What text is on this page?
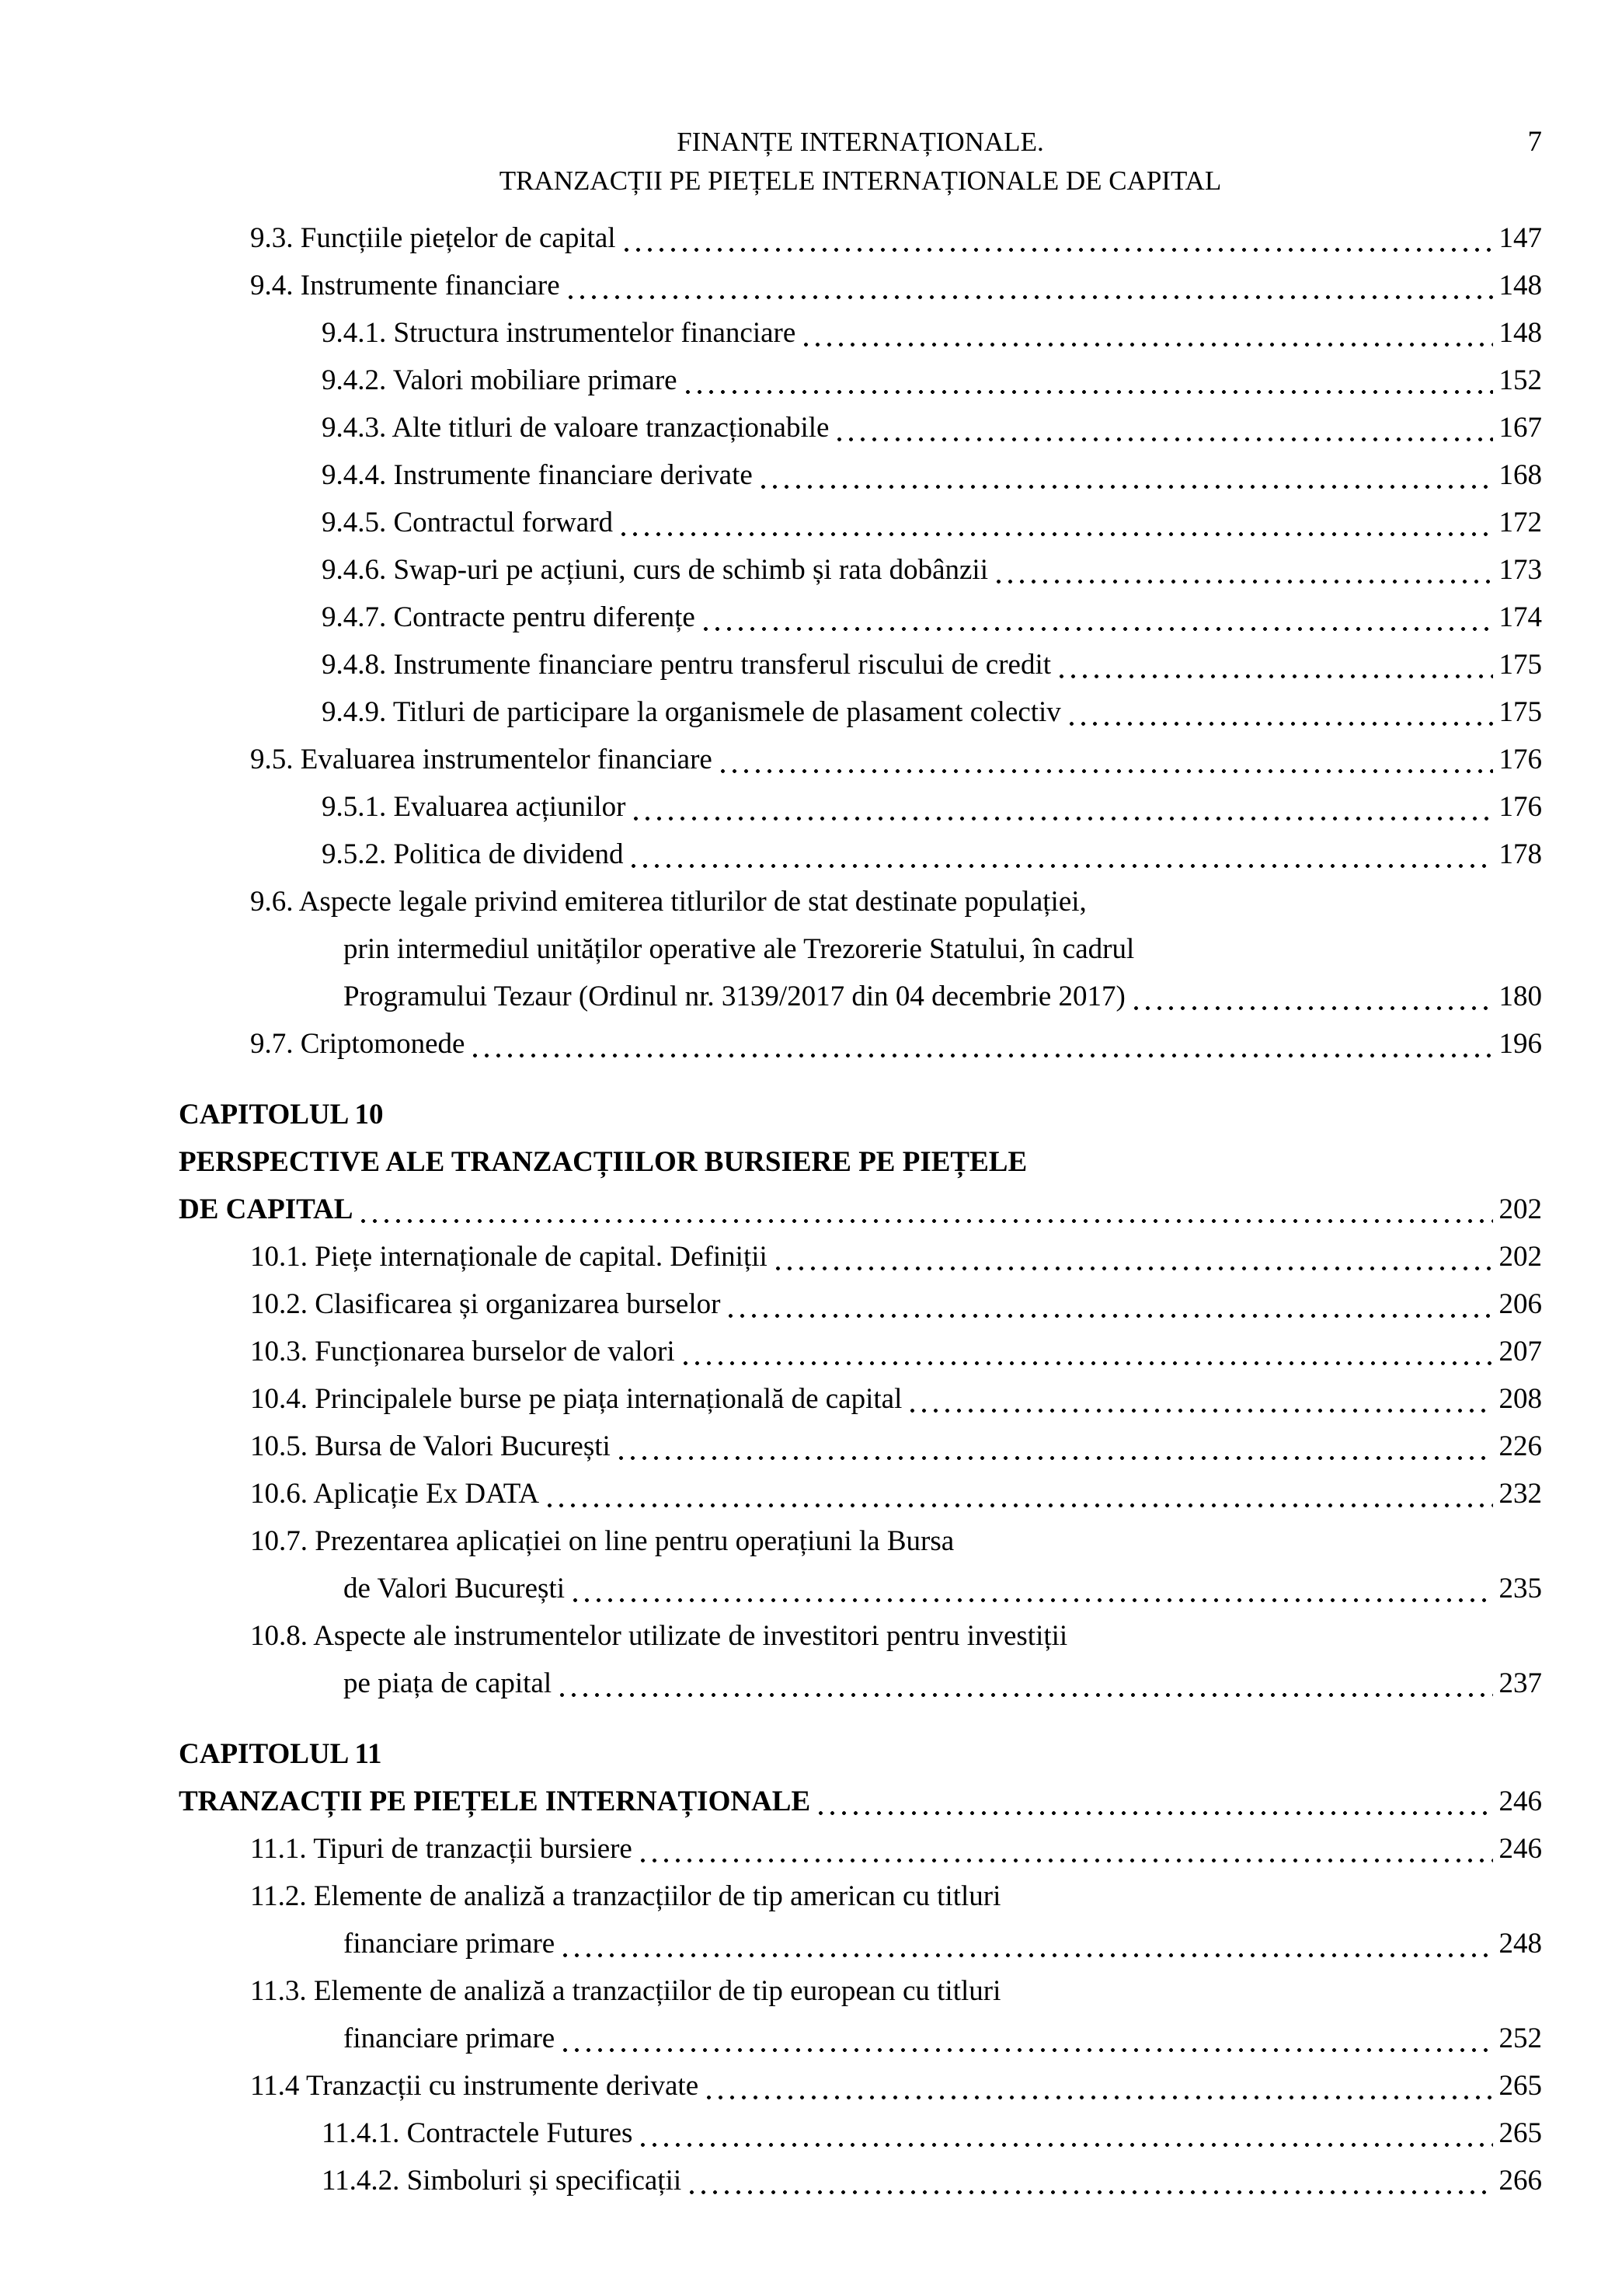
FINANȚE INTERNAȚIONALE.
TRANZACȚII PE PIEȚELE INTERNAȚIONALE DE CAPITAL
7
9.3. Funcțiile piețelor de capital	147
9.4. Instrumente financiare	148
9.4.1. Structura instrumentelor financiare	148
9.4.2. Valori mobiliare primare	152
9.4.3. Alte titluri de valoare tranzacționabile	167
9.4.4. Instrumente financiare derivate	168
9.4.5. Contractul forward	172
9.4.6. Swap-uri pe acțiuni, curs de schimb și rata dobânzii	173
9.4.7. Contracte pentru diferențe	174
9.4.8. Instrumente financiare pentru transferul riscului de credit	175
9.4.9. Titluri de participare la organismele de plasament colectiv	175
9.5. Evaluarea instrumentelor financiare	176
9.5.1. Evaluarea acțiunilor	176
9.5.2. Politica de dividend	178
9.6. Aspecte legale privind emiterea titlurilor de stat destinate populației,
prin intermediul unităților operative ale Trezorerie Statului, în cadrul
Programului Tezaur (Ordinul nr. 3139/2017 din 04 decembrie 2017)	180
9.7. Criptomonede	196
CAPITOLUL 10
PERSPECTIVE ALE TRANZACȚIILOR BURSIERE PE PIEȚELE
DE CAPITAL	202
10.1. Piețe internaționale de capital. Definiții	202
10.2. Clasificarea și organizarea burselor	206
10.3. Funcționarea burselor de valori	207
10.4. Principalele burse pe piața internațională de capital	208
10.5. Bursa de Valori București	226
10.6. Aplicație Ex DATA	232
10.7. Prezentarea aplicației on line pentru operațiuni la Bursa
de Valori București	235
10.8. Aspecte ale instrumentelor utilizate de investitori pentru investiții
pe piața de capital	237
CAPITOLUL 11
TRANZACȚII PE PIEȚELE INTERNAȚIONALE	246
11.1. Tipuri de tranzacții bursiere	246
11.2. Elemente de analiză a tranzacțiilor de tip american cu titluri
financiare primare	248
11.3. Elemente de analiză a tranzacțiilor de tip european cu titluri
financiare primare	252
11.4 Tranzacții cu instrumente derivate	265
11.4.1. Contractele Futures	265
11.4.2. Simboluri și specificații	266
